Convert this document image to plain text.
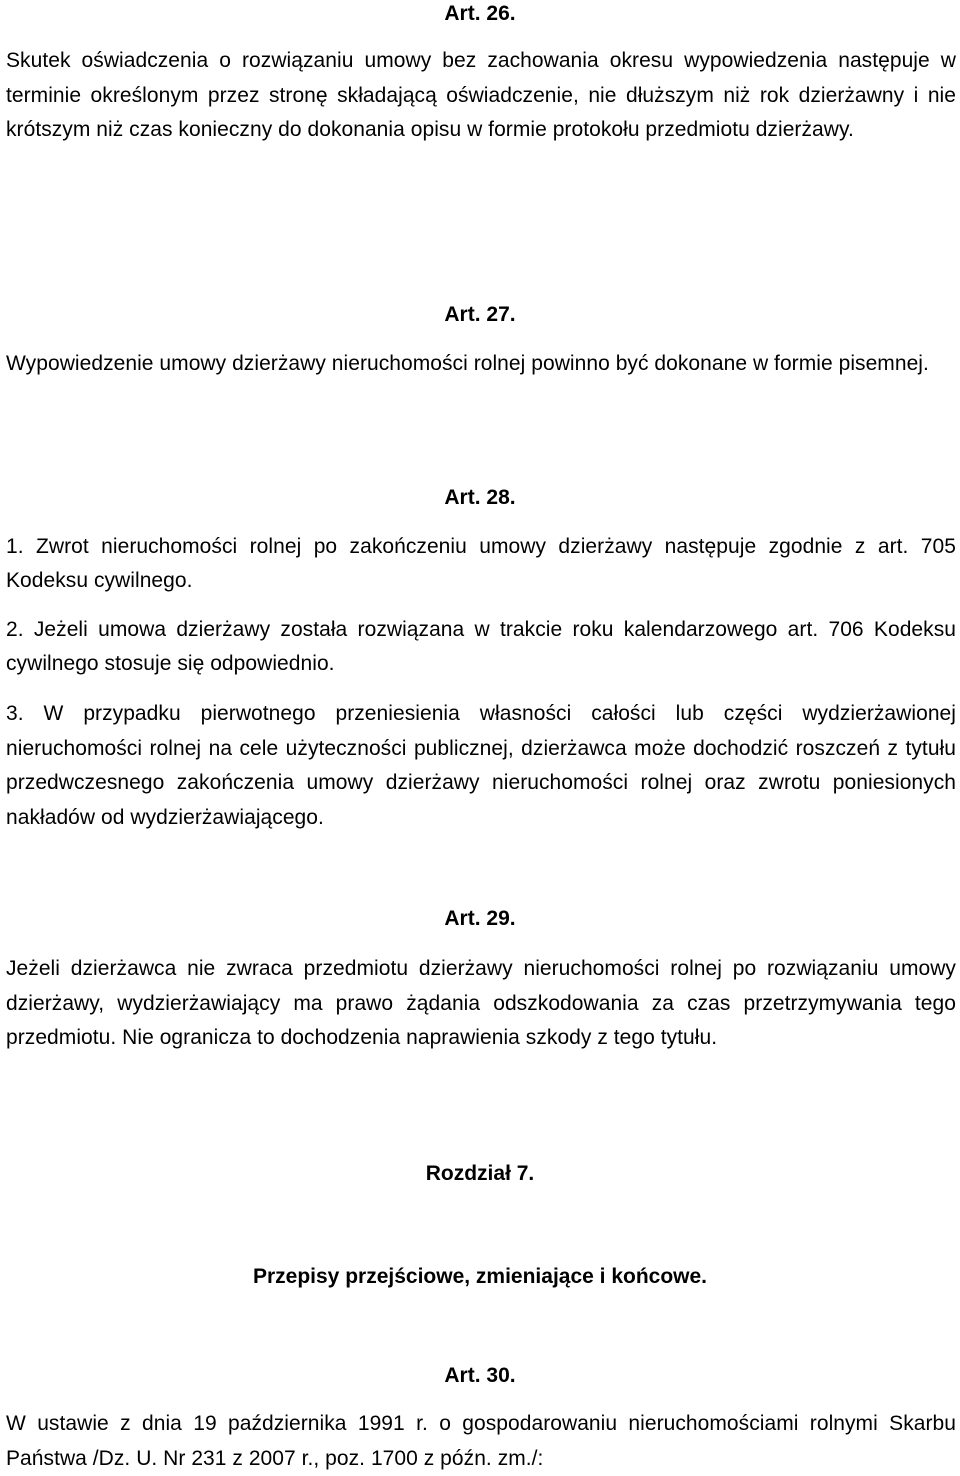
Art. 26.

Skutek oświadczenia o rozwiązaniu umowy bez zachowania okresu wypowiedzenia następuje w terminie określonym przez stronę składającą oświadczenie, nie dłuższym niż rok dzierżawny i nie krótszym niż czas konieczny do dokonania opisu w formie protokołu przedmiotu dzierżawy.

Art. 27.

Wypowiedzenie umowy dzierżawy nieruchomości rolnej powinno być dokonane w formie pisemnej.

Art. 28.

1. Zwrot nieruchomości rolnej po zakończeniu umowy dzierżawy następuje zgodnie z art. 705 Kodeksu cywilnego.

2. Jeżeli umowa dzierżawy została rozwiązana w trakcie roku kalendarzowego art. 706 Kodeksu cywilnego stosuje się odpowiednio.

3. W przypadku pierwotnego przeniesienia własności całości lub części wydzierżawionej nieruchomości rolnej na cele użyteczności publicznej, dzierżawca może dochodzić roszczeń z tytułu przedwczesnego zakończenia umowy dzierżawy nieruchomości rolnej oraz zwrotu poniesionych nakładów od wydzierżawiającego.

Art. 29.

Jeżeli dzierżawca nie zwraca przedmiotu dzierżawy nieruchomości rolnej po rozwiązaniu umowy dzierżawy, wydzierżawiający ma prawo żądania odszkodowania za czas przetrzymywania tego przedmiotu. Nie ogranicza to dochodzenia naprawienia szkody z tego tytułu.

Rozdział 7.
Przepisy przejściowe, zmieniające i końcowe.
Art. 30.

W ustawie z dnia 19 października 1991 r. o gospodarowaniu nieruchomościami rolnymi Skarbu Państwa /Dz. U. Nr 231 z 2007 r., poz. 1700 z późn. zm./:
